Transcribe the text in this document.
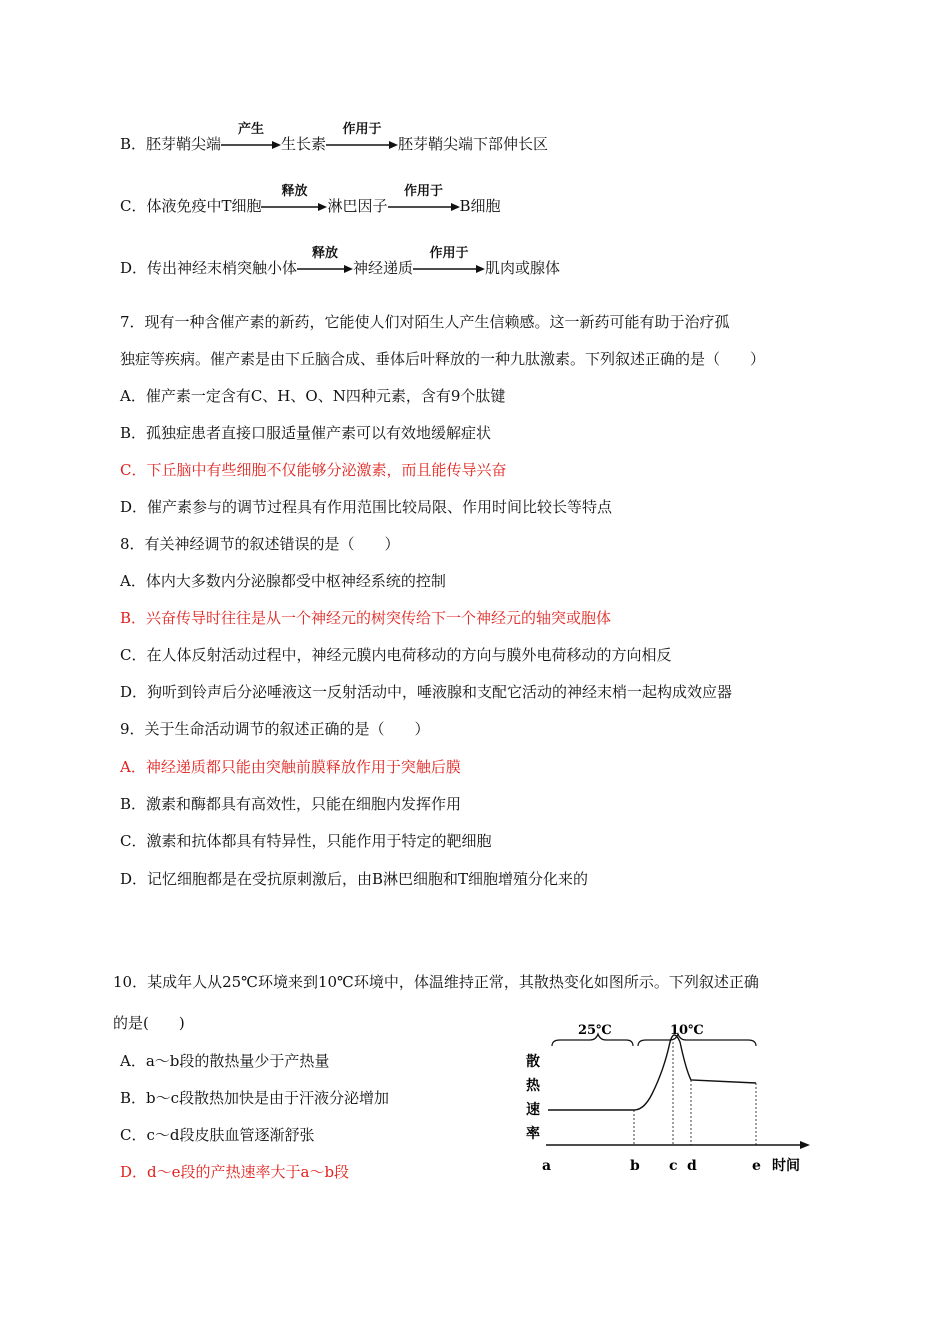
B．胚芽鞘尖端
产生
生长素
作用于
胚芽鞘尖端下部伸长区
C．体液免疫中T细胞
释放
淋巴因子
作用于
B细胞
D．传出神经末梢突触小体
释放
神经递质
作用于
肌肉或腺体
7．现有一种含催产素的新药，它能使人们对陌生人产生信赖感。这一新药可能有助于治疗孤
独症等疾病。催产素是由下丘脑合成、垂体后叶释放的一种九肽激素。下列叙述正确的是（　　）
A．催产素一定含有C、H、O、N四种元素，含有9个肽键
B．孤独症患者直接口服适量催产素可以有效地缓解症状
C．下丘脑中有些细胞不仅能够分泌激素，而且能传导兴奋
D．催产素参与的调节过程具有作用范围比较局限、作用时间比较长等特点
8．有关神经调节的叙述错误的是（　　）
A．体内大多数内分泌腺都受中枢神经系统的控制
B．兴奋传导时往往是从一个神经元的树突传给下一个神经元的轴突或胞体
C．在人体反射活动过程中，神经元膜内电荷移动的方向与膜外电荷移动的方向相反
D．狗听到铃声后分泌唾液这一反射活动中，唾液腺和支配它活动的神经末梢一起构成效应器
9．关于生命活动调节的叙述正确的是（　　）
A．神经递质都只能由突触前膜释放作用于突触后膜
B．激素和酶都具有高效性，只能在细胞内发挥作用
C．激素和抗体都具有特异性，只能作用于特定的靶细胞
D．记忆细胞都是在受抗原刺激后，由B淋巴细胞和T细胞增殖分化来的
10．某成年人从25℃环境来到10℃环境中，体温维持正常，其散热变化如图所示。下列叙述正确
的是(　　)
A．a～b段的散热量少于产热量
B．b～c段散热加快是由于汗液分泌增加
C．c～d段皮肤血管逐渐舒张
D．d～e段的产热速率大于a～b段
散
热
速
率
25℃	10℃
a	b c d	e 时间
